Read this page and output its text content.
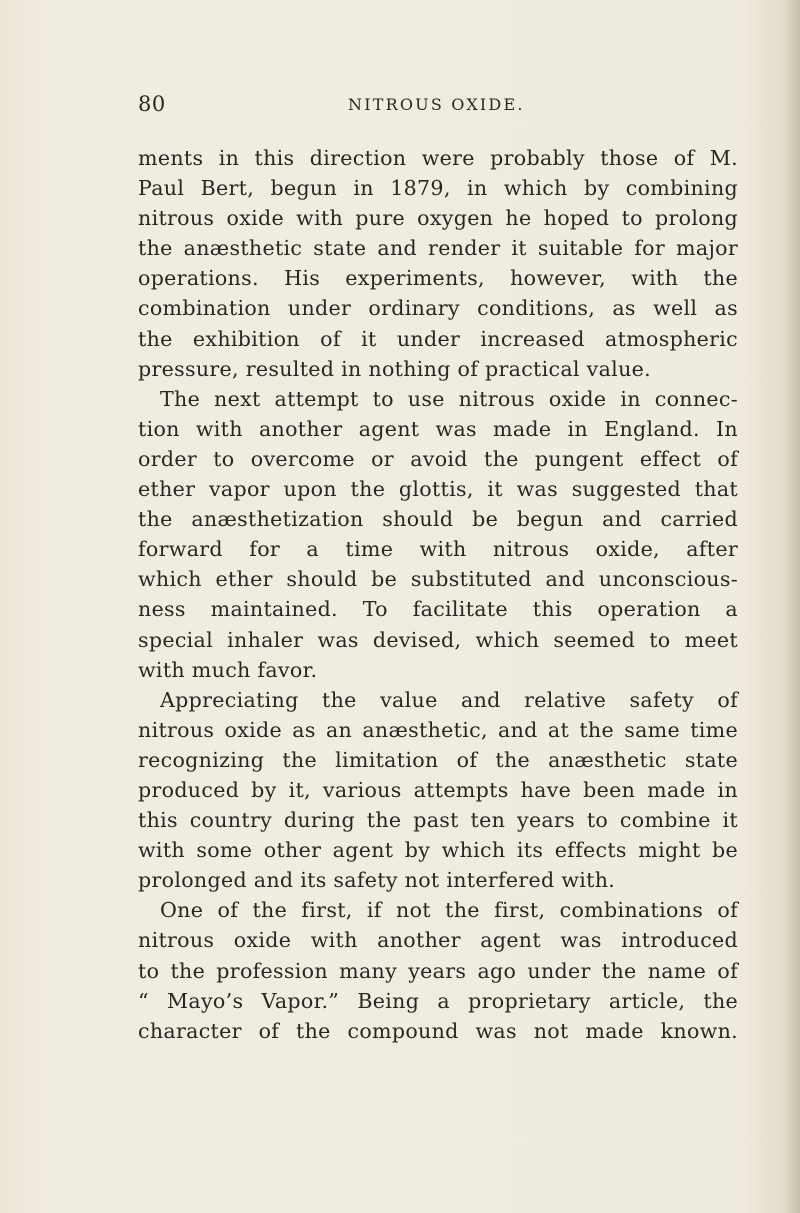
80	NITROUS OXIDE.
ments in this direction were probably those of M.
Paul Bert, begun in 1879, in which by combining
nitrous oxide with pure oxygen he hoped to prolong
the anæsthetic state and render it suitable for major
operations. His experiments, however, with the
combination under ordinary conditions, as well as
the exhibition of it under increased atmospheric
pressure, resulted in nothing of practical value.
The next attempt to use nitrous oxide in connec-
tion with another agent was made in England. In
order to overcome or avoid the pungent effect of
ether vapor upon the glottis, it was suggested that
the anæsthetization should be begun and carried
forward for a time with nitrous oxide, after
which ether should be substituted and unconscious-
ness maintained. To facilitate this operation a
special inhaler was devised, which seemed to meet
with much favor.
Appreciating the value and relative safety of
nitrous oxide as an anæsthetic, and at the same time
recognizing the limitation of the anæsthetic state
produced by it, various attempts have been made in
this country during the past ten years to combine it
with some other agent by which its effects might be
prolonged and its safety not interfered with.
One of the first, if not the first, combinations of
nitrous oxide with another agent was introduced
to the profession many years ago under the name of
“ Mayo’s Vapor.” Being a proprietary article, the
character of the compound was not made known.
